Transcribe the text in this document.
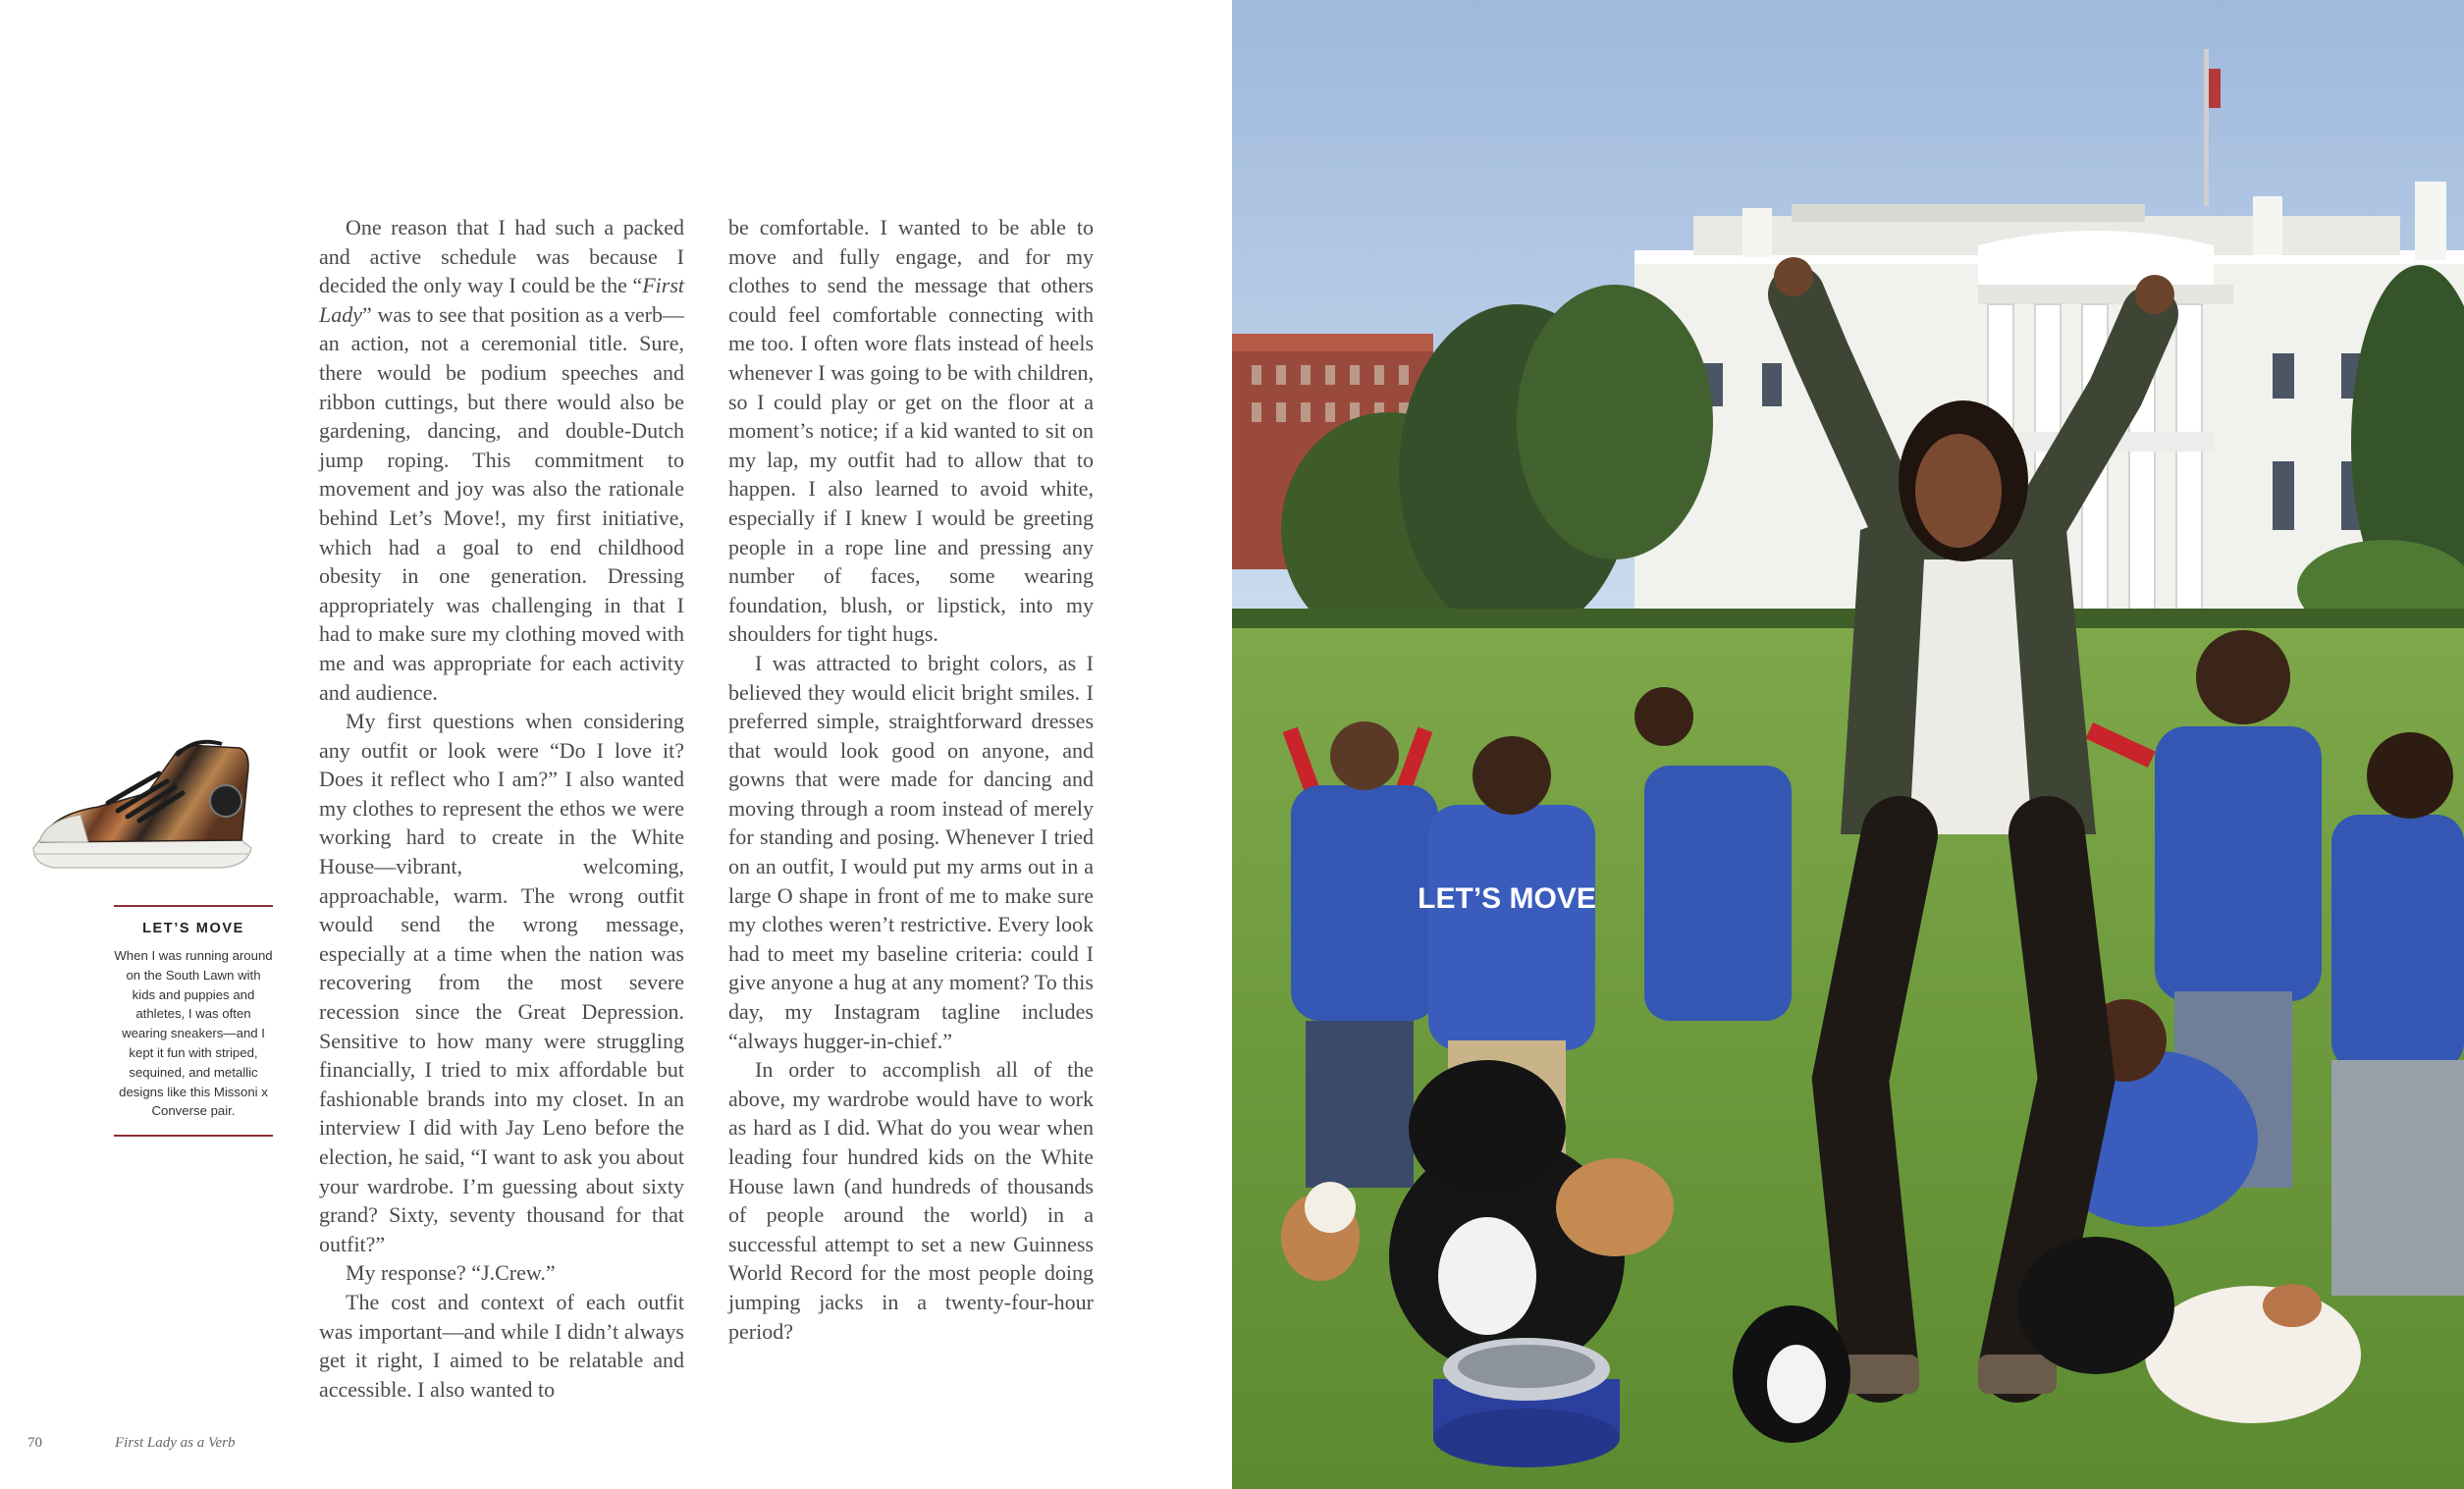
One reason that I had such a packed and active schedule was because I decided the only way I could be the “First Lady” was to see that position as a verb—an action, not a ceremonial title. Sure, there would be podium speeches and ribbon cuttings, but there would also be gardening, dancing, and double-Dutch jump roping. This commitment to movement and joy was also the rationale behind Let’s Move!, my first initiative, which had a goal to end childhood obesity in one generation. Dressing appropriately was challenging in that I had to make sure my clothing moved with me and was appropriate for each activity and audience.

My first questions when considering any outfit or look were “Do I love it? Does it reflect who I am?” I also wanted my clothes to represent the ethos we were working hard to create in the White House—vibrant, welcoming, approachable, warm. The wrong outfit would send the wrong message, especially at a time when the nation was recovering from the most severe recession since the Great Depression. Sensitive to how many were struggling financially, I tried to mix affordable but fashionable brands into my closet. In an interview I did with Jay Leno before the election, he said, “I want to ask you about your wardrobe. I’m guessing about sixty grand? Sixty, seventy thousand for that outfit?”

My response? “J.Crew.”

The cost and context of each outfit was important—and while I didn’t always get it right, I aimed to be relatable and accessible. I also wanted to

be comfortable. I wanted to be able to move and fully engage, and for my clothes to send the message that others could feel comfortable connecting with me too. I often wore flats instead of heels whenever I was going to be with children, so I could play or get on the floor at a moment’s notice; if a kid wanted to sit on my lap, my outfit had to allow that to happen. I also learned to avoid white, especially if I knew I would be greeting people in a rope line and pressing any number of faces, some wearing foundation, blush, or lipstick, into my shoulders for tight hugs.

I was attracted to bright colors, as I believed they would elicit bright smiles. I preferred simple, straightforward dresses that would look good on anyone, and gowns that were made for dancing and moving through a room instead of merely for standing and posing. Whenever I tried on an outfit, I would put my arms out in a large O shape in front of me to make sure my clothes weren’t restrictive. Every look had to meet my baseline criteria: could I give anyone a hug at any moment? To this day, my Instagram tagline includes “always hugger-in-chief.”

In order to accomplish all of the above, my wardrobe would have to work as hard as I did. What do you wear when leading four hundred kids on the White House lawn (and hundreds of thousands of people around the world) in a successful attempt to set a new Guinness World Record for the most people doing jumping jacks in a twenty-four-hour period?

LET’S MOVE

When I was running around on the South Lawn with kids and puppies and athletes, I was often wearing sneakers—and I kept it fun with striped, sequined, and metallic designs like this Missoni x Converse pair.

70	First Lady as a Verb
LET’S MOVE
